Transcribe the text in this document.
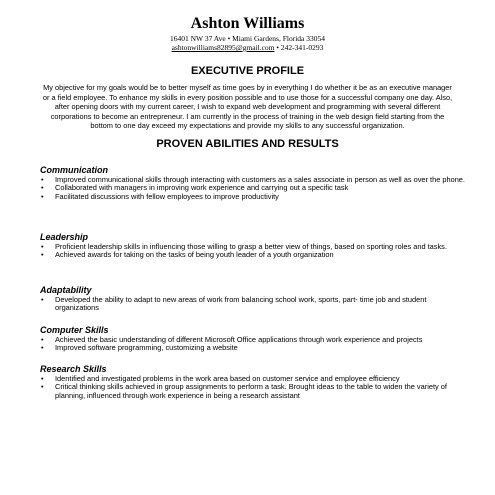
Ashton Williams
16401 NW 37 Ave • Miami Gardens, Florida 33054
ashtonwilliams82895@gmail.com • 242-341-0293
EXECUTIVE PROFILE
My objective for my goals would be to better myself as time goes by in everything I do whether it be as an executive manager or a field employee. To enhance my skills in every position possible and to use those for a successful company one day. Also, after opening doors with my current career, I wish to expand web development and programming with several different corporations to become an entrepreneur. I am currently in the process of training in the web design field starting from the bottom to one day exceed my expectations and provide my skills to any successful organization.
PROVEN ABILITIES AND RESULTS

Communication

• Improved communicational skills through interacting with customers as a sales associate in person as well as over the phone.
• Collaborated with managers in improving work experience and carrying out a specific task
• Facilitated discussions with fellow employees to improve productivity

Leadership

• Proficient leadership skills in influencing those willing to grasp a better view of things, based on sporting roles and tasks.
• Achieved awards for taking on the tasks of being youth leader of a youth organization

Adaptability

• Developed the ability to adapt to new areas of work from balancing school work, sports, part- time job and student organizations

Computer Skills

• Achieved the basic understanding of different Microsoft Office applications through work experience and projects
• Improved software programming, customizing a website

Research Skills

• Identified and investigated problems in the work area based on customer service and employee efficiency
• Critical thinking skills achieved in group assignments to perform a task. Brought ideas to the table to widen the variety of planning, influenced through work experience in being a research assistant
